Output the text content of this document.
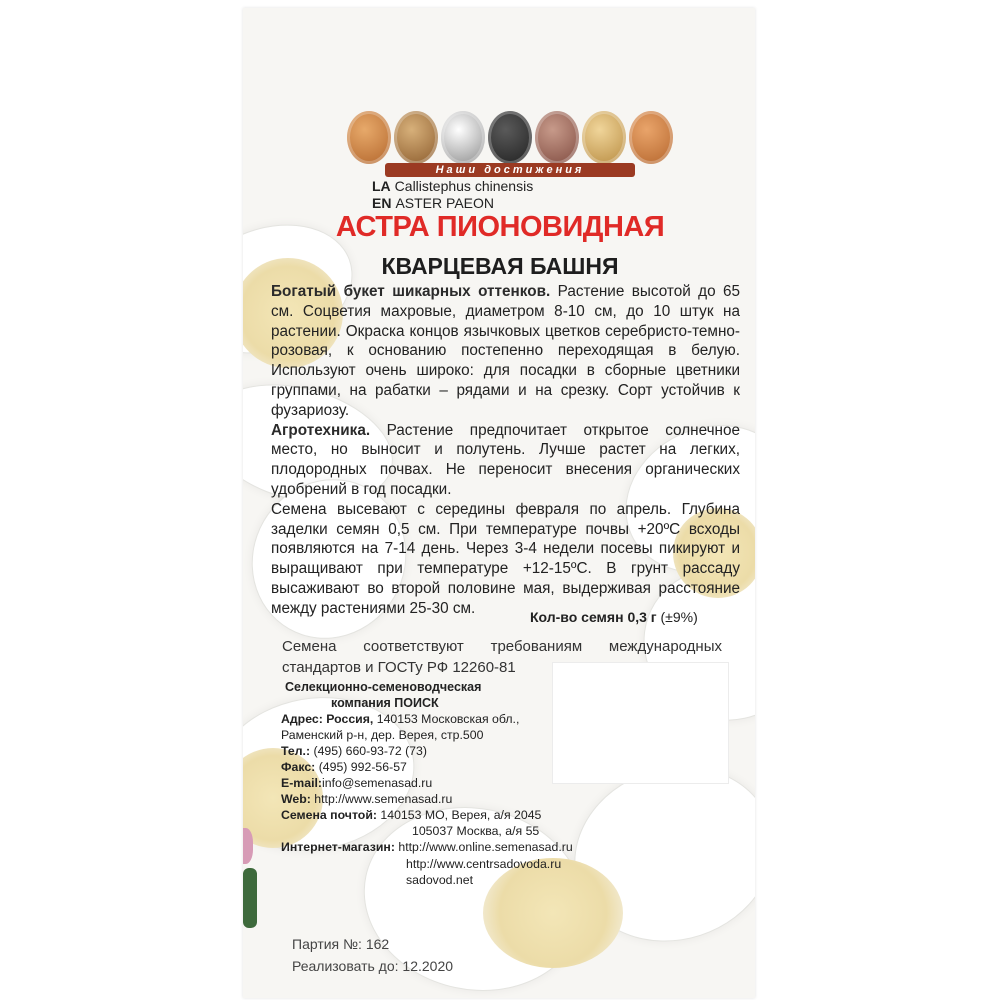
Наши достижения
LA Callistephus chinensis
EN ASTER PAEON
АСТРА ПИОНОВИДНАЯ
КВАРЦЕВАЯ БАШНЯ

Богатый букет шикарных оттенков. Растение высотой до 65 см. Соцветия махровые, диаметром 8-10 см, до 10 штук на растении. Окраска концов язычковых цветков серебристо-темно-розовая, к основанию постепенно переходящая в белую. Используют очень широко: для посадки в сборные цветники группами, на рабатки – рядами и на срезку. Сорт устойчив к фузариозу.

Агротехника. Растение предпочитает открытое солнечное место, но выносит и полутень. Лучше растет на легких, плодородных почвах. Не переносит внесения органических удобрений в год посадки.

Семена высевают с середины февраля по апрель. Глубина заделки семян 0,5 см. При температуре почвы +20ºС всходы появляются на 7-14 день. Через 3-4 недели посевы пикируют и выращивают при температуре +12-15ºС. В грунт рассаду высаживают во второй половине мая, выдерживая расстояние между растениями 25-30 см.

Кол-во семян 0,3 г (±9%)
Семена соответствуют требованиям международных стандартов и ГОСТу РФ 12260-81
Селекционно-семеноводческая
компания ПОИСК
Адрес: Россия, 140153 Московская обл.,
Раменский р-н, дер. Верея, стр.500
Тел.: (495) 660-93-72 (73)
Факс: (495) 992-56-57
E-mail:info@semenasad.ru
Web: http://www.semenasad.ru
Семена почтой: 140153 МО, Верея, а/я 2045
105037 Москва, а/я 55
Интернет-магазин: http://www.online.semenasad.ru
http://www.centrsadovoda.ru
sadovod.net
Партия №: 162
Реализовать до: 12.2020
